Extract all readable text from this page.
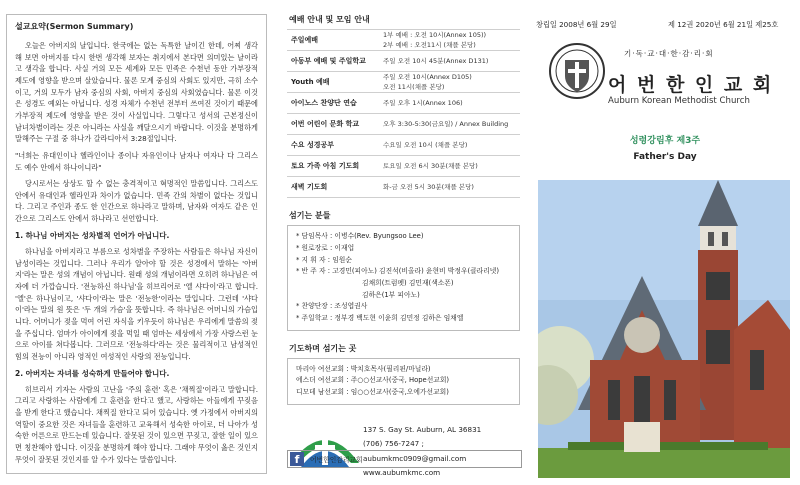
설교요약(Sermon Summary)

오늘은 아버지의 날입니다. 한국에는 없는 독특한 날이긴 한데, 어찌 생각해 보면 아버지를 다시 한번 생각해 보자는 취지에서 본다면 의미있는 날이라고 생각을 합니다. 사실 거의 모든 세계와 모든 민족은 수천년 동안 가부장적 제도에 영향을 받으며 살았습니다. 물론 모계 중심의 사회도 있지만, 극히 소수 이고, 거의 모두가 남자 중심의 사회, 아버지 중심의 사회였습니다. 물론 이것은 성경도 예외는 아닙니다. 성경 자체가 수천년 전부터 쓰여진 것이기 때문에 가부장적 제도에 영향을 받은 것이 사실입니다. 그렇다고 성서의 근본정신이 남녀차별이라는 것은 아니라는 사실을 깨달으시기 바랍니다. 이것을 분명하게 말해주는 구절 중 하나가 갈라디아서 3:28절입니다.

"너희는 유대인이나 헬라인이나 종이나 자유인이나 남자나 여자나 다 그리스도 예수 안에서 하나이니라"

당시로서는 상상도 할 수 없는 충격적이고 혁명적인 말씀입니다. 그리스도 안에서 유대인과 헬라인과 차이가 없습니다. 민족 간의 차별이 없다는 것입니다. 그리고 주인과 종도 한 인간으로 하나라고 말하며, 남자와 여자도 같은 인간으로 그리스도 안에서 하나라고 선언합니다.

1. 하나님 아버지는 성차별적 언어가 아닙니다.

하나님을 아버지라고 부름으로 성차별을 주장하는 사람들은 하나님 자신이 남성이라는 것입니다. 그러나 우리가 알아야 할 것은 성경에서 말하는 '아버지'라는 말은 성의 개념이 아닙니다. 원래 성의 개념이라면 오히려 하나님은 여자에 더 가깝습니다. '전능하신 하나님'을 히브리어로 '엘 샤다이'라고 합니다. '엘'은 하나님이고, '샤다이'라는 말은 '전능한'이라는 말입니다. 그런데 '샤다이'라는 말의 원 뜻은 '두 개의 가슴'을 뜻합니다. 즉 하나님은 어머니의 가슴입니다. 어머니가 젖을 먹여 어린 자식을 키우듯이 하나님은 우리에게 말씀의 젖을 주십니다. 엄마가 아이에게 젖을 먹일 때 엄마는 세상에서 가장 사랑스런 눈으로 아이를 쳐다봅니다. 그러므로 '전능하다'라는 것은 물리적이고 남성적인 힘의 전능이 아니라 영적인 여성적인 사랑의 전능입니다.

2. 아버지는 자녀를 성숙하게 만들어야 합니다.

히브리서 기자는 사람의 고난을 '주의 훈련' 혹은 '채찍질'이라고 말합니다. 그리고 사랑하는 사람에게 그 훈련을 한다고 했고, 사랑하는 아들에게 꾸짖음을 받게 한다고 했습니다. 채찍질 한다고 되어 있습니다. 옛 가정에서 아버지의 역할이 중요한 것은 자녀들을 훈련하고 교육해서 성숙한 아이로, 더 나아가 성숙한 어른으로 만드는데 있습니다. 잘못된 것이 있으면 꾸짖고, 잘한 일이 있으면 칭찬해야 합니다. 이것을 분명하게 해야 합니다. 그래야 무엇이 옳은 것인지 무엇이 잘못된 것인지를 알 수가 있다는 말씀입니다.

예배 안내 및 모임 안내
주일예배	1부 예배 : 오전 10시(Annex 105))
2부 예배 : 오전11시 (채플 본당)

아동부 예배 및 주일학교	주일 오전 10시 45분(Annex D131)

Youth 예배	주일 오전 10시(Annex D105)
오전 11시(채플 본당)

아이노스 찬양단 연습	주일 오후 1시(Annex 106)

어번 어린이 문화 학교	오후 3:30-5:30(금요일) / Annex Building

수요 성경공부	수요일 오전 10시 (채플 본당)

토요 가족 아침 기도회	토요일 오전 6시 30분(채플 본당)

새벽 기도회	화-금 오전 5시 30분(채플 본당)
섬기는 분들
* 담임목사 : 이병수(Rev. Byungsoo Lee)
* 원로장로 : 이재업
* 지 휘 자 : 임원순
* 반 주 자 : 고경민(피아노) 김진석(비올라) 윤현비 박정우(클라리넷)
김채희(트럼펫) 김민재(색소폰)
김하은(1부 피아노)
* 찬양단장 : 조성엽권사
* 주일학교 : 정부경 백도현 이윤희 김민정 김하은 임채엘
기도하며 섬기는 곳
마리아 여선교회 : 박치호목사(필리핀/마닐라)
에스더 여선교회 : 주○○선교사(중국, Hope선교회)
디모데 남선교회 : 임○○선교사(중국,오에가선교회)
137 S. Gay St. Auburn, AL 36831
(706) 756-7247 ; aubumkmc0909@gmail.com
www.aubumkmc.com
f	어번한인감리교회
창립일 2008년 6월 29일	제 12권 2020년 6월 21일 제25호
기·독·교·대·한·감·리·회
어 번 한 인 교 회
Auburn Korean Methodist Church
성령강림후 제3주
Father's Day
